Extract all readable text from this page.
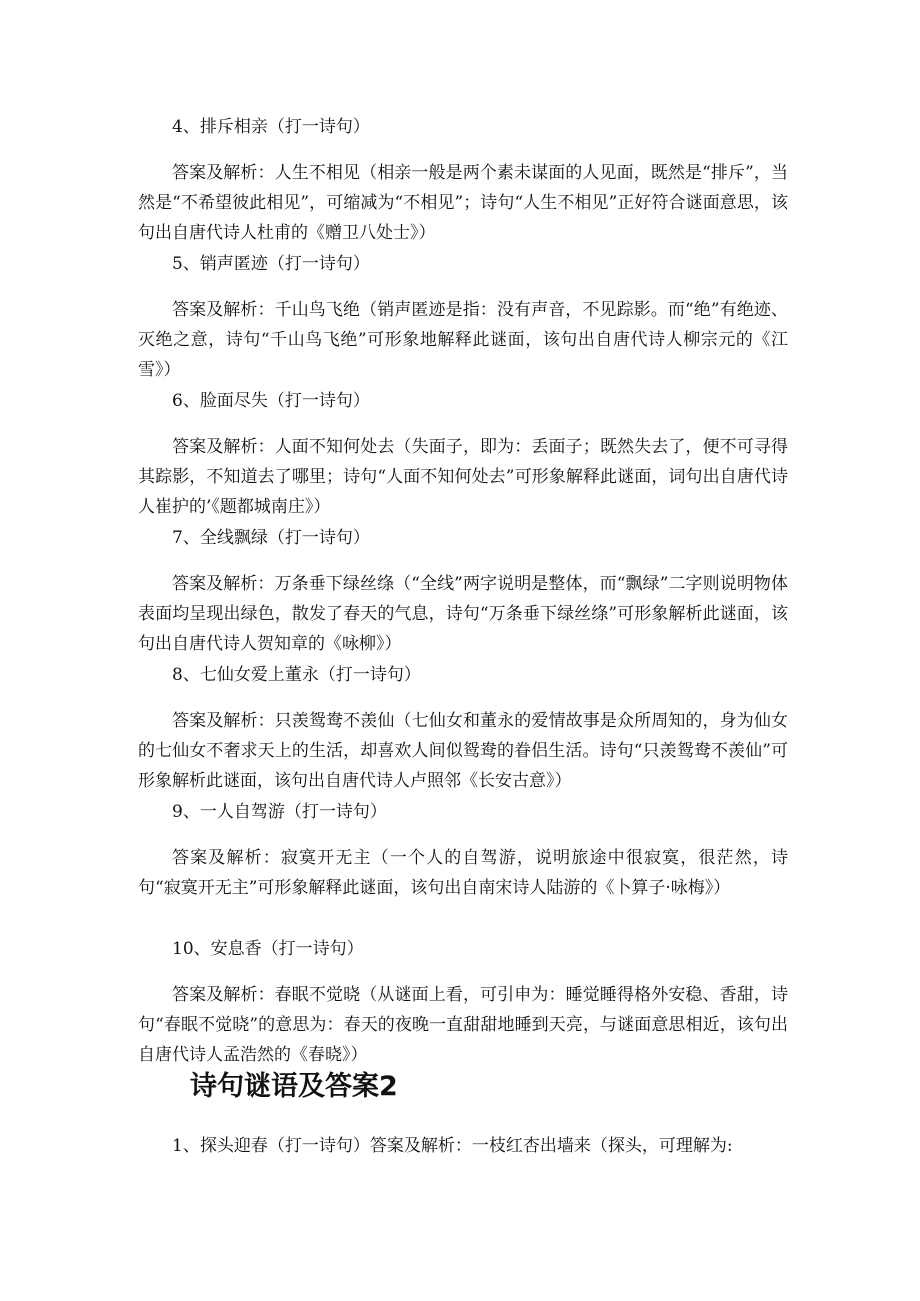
4、排斥相亲（打一诗句）

答案及解析：人生不相见（相亲一般是两个素未谋面的人见面，既然是“排斥”，当然是“不希望彼此相见”，可缩减为“不相见”；诗句“人生不相见”正好符合谜面意思，该句出自唐代诗人杜甫的《赠卫八处士》）

5、销声匿迹（打一诗句）

答案及解析：千山鸟飞绝（销声匿迹是指：没有声音，不见踪影。而“绝”有绝迹、灭绝之意，诗句“千山鸟飞绝”可形象地解释此谜面，该句出自唐代诗人柳宗元的《江雪》）

6、脸面尽失（打一诗句）

答案及解析：人面不知何处去（失面子，即为：丢面子；既然失去了，便不可寻得其踪影，不知道去了哪里；诗句“人面不知何处去”可形象解释此谜面，词句出自唐代诗人崔护的’《题都城南庄》）

7、全线飘绿（打一诗句）

答案及解析：万条垂下绿丝绦（“全线”两字说明是整体，而“飘绿”二字则说明物体表面均呈现出绿色，散发了春天的气息，诗句“万条垂下绿丝绦”可形象解析此谜面，该句出自唐代诗人贺知章的《咏柳》）

8、七仙女爱上董永（打一诗句）

答案及解析：只羡鸳鸯不羡仙（七仙女和董永的爱情故事是众所周知的，身为仙女的七仙女不奢求天上的生活，却喜欢人间似鸳鸯的眷侣生活。诗句“只羡鸳鸯不羡仙”可形象解析此谜面，该句出自唐代诗人卢照邻《长安古意》）

9、一人自驾游（打一诗句）

答案及解析：寂寞开无主（一个人的自驾游，说明旅途中很寂寞，很茫然，诗句“寂寞开无主”可形象解释此谜面，该句出自南宋诗人陆游的《卜算子·咏梅》）

10、安息香（打一诗句）

答案及解析：春眠不觉晓（从谜面上看，可引申为：睡觉睡得格外安稳、香甜，诗句“春眠不觉晓”的意思为：春天的夜晚一直甜甜地睡到天亮，与谜面意思相近，该句出自唐代诗人孟浩然的《春晓》）

诗句谜语及答案2

1、探头迎春（打一诗句）答案及解析：一枝红杏出墙来（探头，可理解为:
